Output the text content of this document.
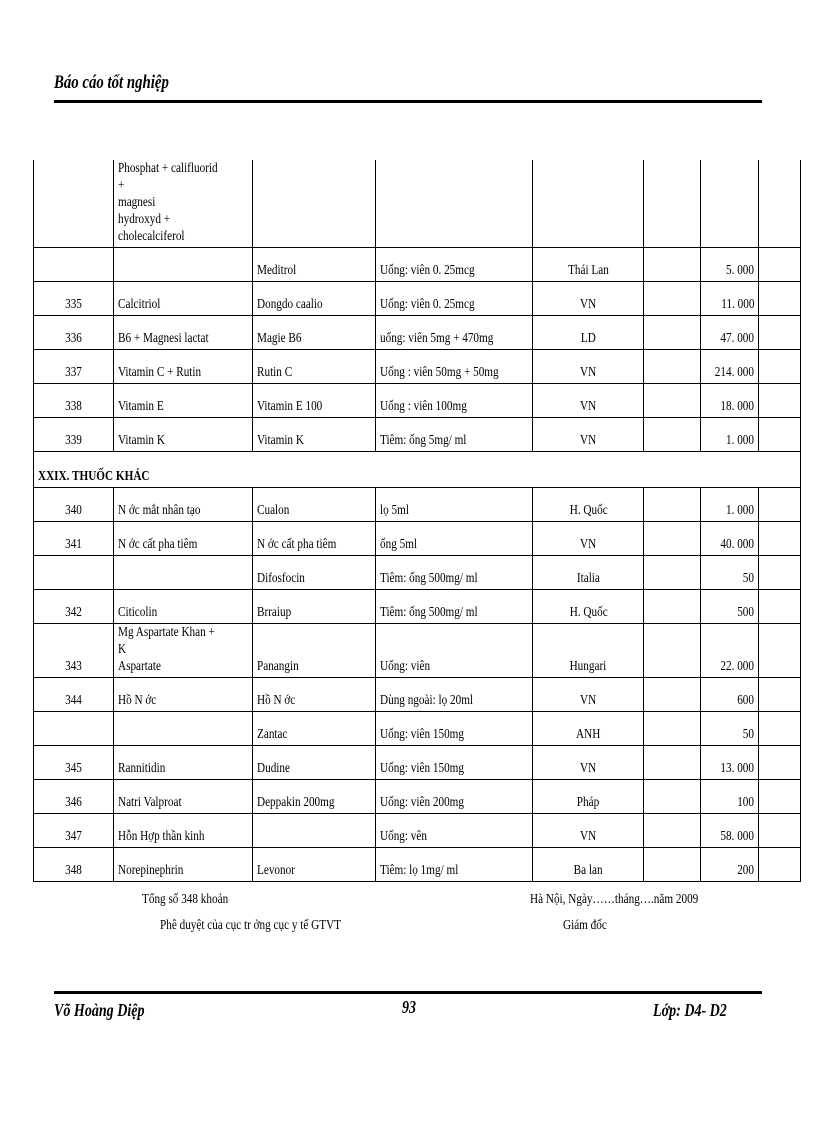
Báo cáo tốt nghiệp
	Phosphat + califluorid +
magnesi
hydroxyd + cholecalciferol						
		Meditrol	Uống: viên 0. 25mcg	Thái Lan		5. 000	
335	Calcitriol	Dongdo caalio	Uống: viên 0. 25mcg	VN		11. 000	
336	B6 + Magnesi lactat	Magie B6	uống: viên 5mg + 470mg	LD		47. 000	
337	Vitamin C + Rutin	Rutin C	Uống : viên 50mg + 50mg	VN		214. 000	
338	Vitamin E	Vitamin E 100	Uống : viên 100mg	VN		18. 000	
339	Vitamin K	Vitamin K	Tiêm: ống 5mg/ ml	VN		1. 000	
XXIX. THUỐC KHÁC							
340	N ớc mắt nhân tạo	Cualon	lọ 5ml	H. Quốc		1. 000	
341	N ớc cất pha tiêm	N ớc cất pha tiêm	ống 5ml	VN		40. 000	
		Difosfocin	Tiêm: ống 500mg/ ml	Italia		50	
342	Citicolin	Brraiup	Tiêm: ống 500mg/ ml	H. Quốc		500	
343	Mg Aspartate Khan + K
Aspartate	Panangin	Uống: viên	Hungari		22. 000	
344	Hồ N ớc	Hồ N ớc	Dùng ngoài: lọ 20ml	VN		600	
		Zantac	Uống: viên 150mg	ANH		50	
345	Rannitidin	Dudine	Uống: viên 150mg	VN		13. 000	
346	Natri Valproat	Deppakin 200mg	Uống: viên 200mg	Pháp		100	
347	Hỗn Hợp thần kinh		Uống: vên	VN		58. 000	
348	Norepinephrin	Levonor	Tiêm: lọ 1mg/ ml	Ba lan		200	
Tổng số 348 khoản
Phê duyệt của cục tr ởng cục y tế GTVT
Hà Nội, Ngày……tháng….năm 2009
Giám đốc
Võ Hoàng Diệp	93	Lớp: D4- D2
